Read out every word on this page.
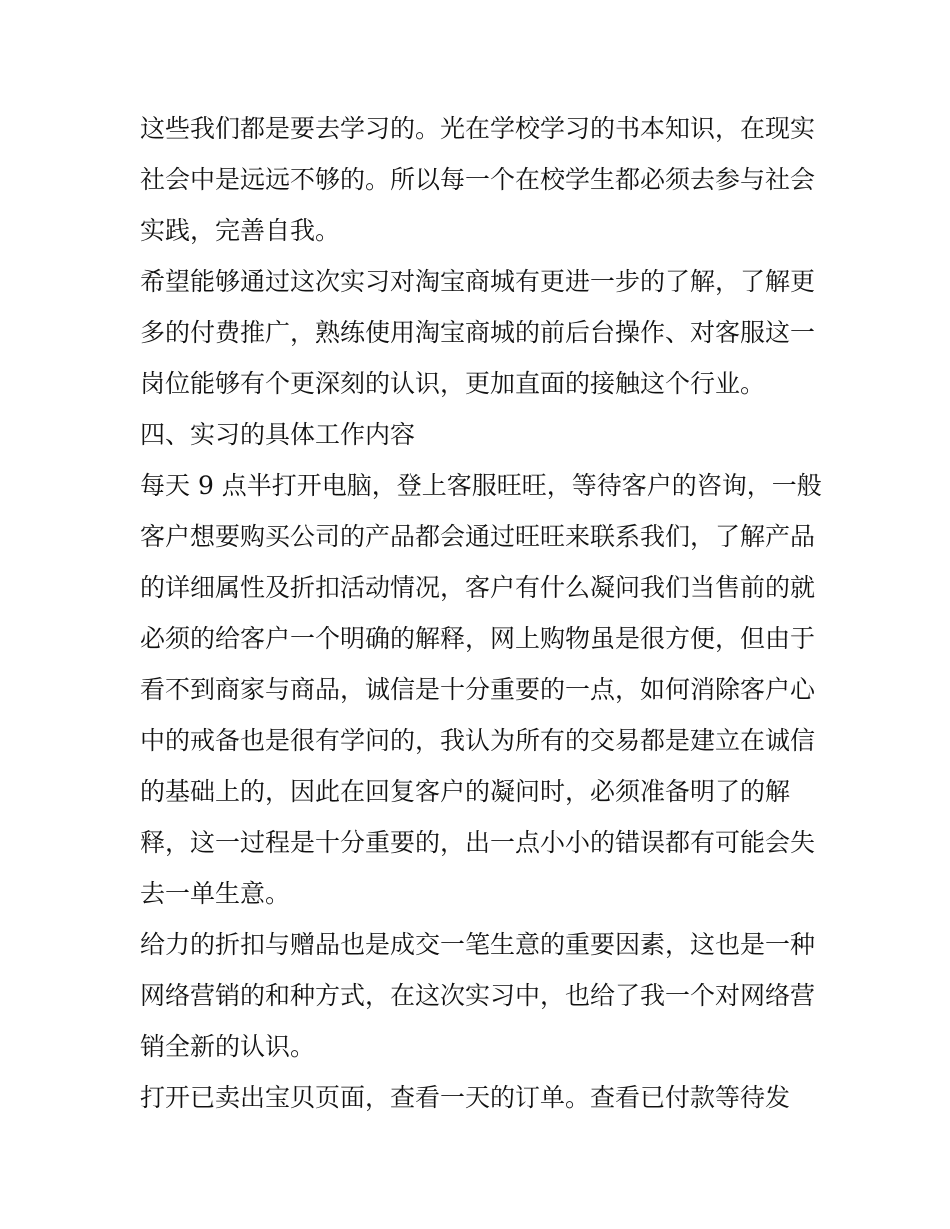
这些我们都是要去学习的。光在学校学习的书本知识，在现实
社会中是远远不够的。所以每一个在校学生都必须去参与社会
实践，完善自我。
希望能够通过这次实习对淘宝商城有更进一步的了解，了解更
多的付费推广，熟练使用淘宝商城的前后台操作、对客服这一
岗位能够有个更深刻的认识，更加直面的接触这个行业。
四、实习的具体工作内容
每天 9 点半打开电脑，登上客服旺旺，等待客户的咨询，一般
客户想要购买公司的产品都会通过旺旺来联系我们，了解产品
的详细属性及折扣活动情况，客户有什么凝问我们当售前的就
必须的给客户一个明确的解释，网上购物虽是很方便，但由于
看不到商家与商品，诚信是十分重要的一点，如何消除客户心
中的戒备也是很有学问的，我认为所有的交易都是建立在诚信
的基础上的，因此在回复客户的凝问时，必须准备明了的解
释，这一过程是十分重要的，出一点小小的错误都有可能会失
去一单生意。
给力的折扣与赠品也是成交一笔生意的重要因素，这也是一种
网络营销的和种方式，在这次实习中，也给了我一个对网络营
销全新的认识。
打开已卖出宝贝页面，查看一天的订单。查看已付款等待发
